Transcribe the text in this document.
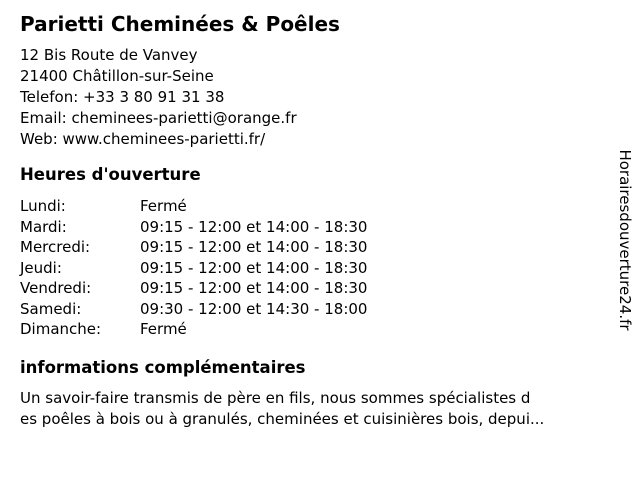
Parietti Cheminées & Poêles
12 Bis Route de Vanvey
21400 Châtillon-sur-Seine
Telefon: +33 3 80 91 31 38
Email: cheminees-parietti@orange.fr
Web: www.cheminees-parietti.fr/
Heures d'ouverture
Lundi:	Fermé
Mardi:	09:15 - 12:00 et 14:00 - 18:30
Mercredi:	09:15 - 12:00 et 14:00 - 18:30
Jeudi:	09:15 - 12:00 et 14:00 - 18:30
Vendredi:	09:15 - 12:00 et 14:00 - 18:30
Samedi:	09:30 - 12:00 et 14:30 - 18:00
Dimanche:	Fermé
informations complémentaires
Un savoir-faire transmis de père en fils, nous sommes spécialistes d
es poêles à bois ou à granulés, cheminées et cuisinières bois, depui...
Horairesdouverture24.fr
